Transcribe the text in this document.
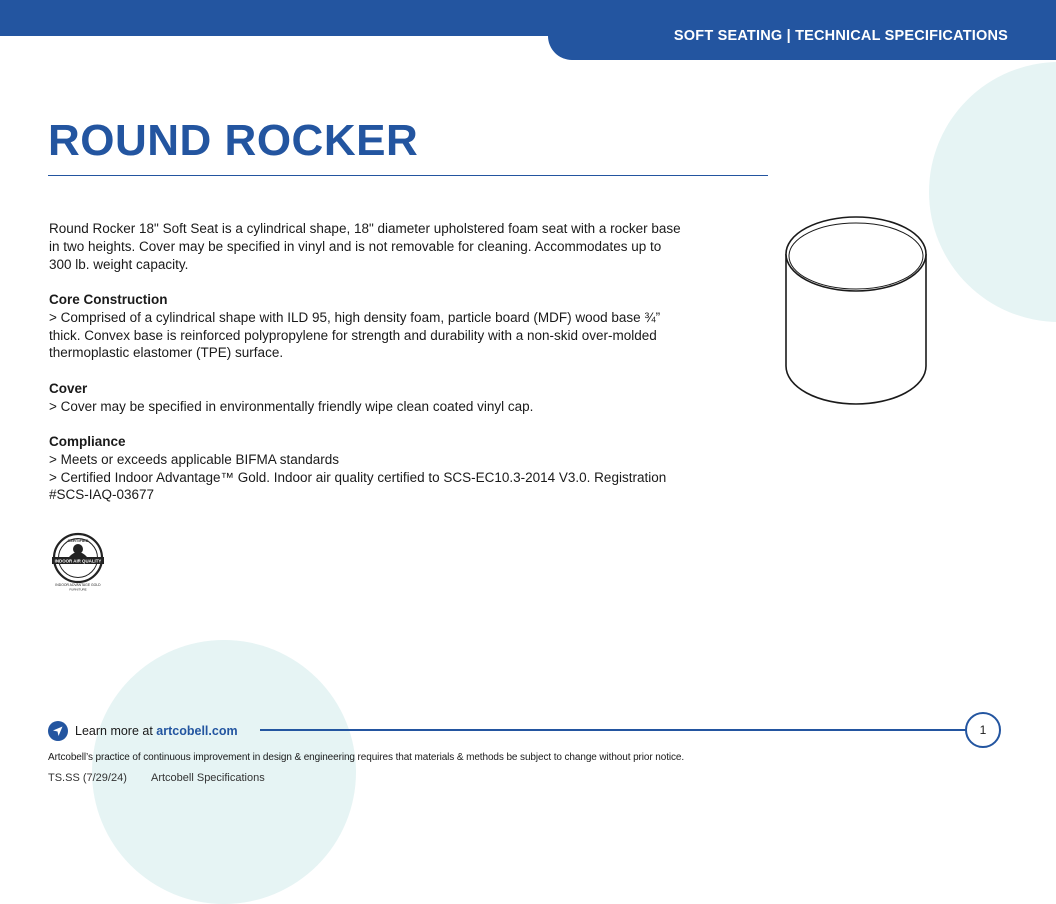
SOFT SEATING | TECHNICAL SPECIFICATIONS
ROUND ROCKER

Round Rocker 18" Soft Seat is a cylindrical shape, 18" diameter upholstered foam seat with a rocker base
in two heights. Cover may be specified in vinyl and is not removable for cleaning. Accommodates up to
300 lb. weight capacity.

Core Construction
> Comprised of a cylindrical shape with ILD 95, high density foam, particle board (MDF) wood base ¾”
thick. Convex base is reinforced polypropylene for strength and durability with a non-skid over-molded
thermoplastic elastomer (TPE) surface.

Cover
> Cover may be specified in environmentally friendly wipe clean coated vinyl cap.

Compliance
> Meets or exceeds applicable BIFMA standards
> Certified Indoor Advantage™ Gold. Indoor air quality certified to SCS-EC10.3-2014 V3.0. Registration
#SCS-IAQ-03677

CERTIFIED
INDOOR AIR QUALITY
INDOOR ADVANTAGE GOLD
FURNITURE
Learn more at artcobell.com	1
Artcobell’s practice of continuous improvement in design & engineering requires that materials & methods be subject to change without prior notice.
TS.SS (7/29/24) Artcobell Specifications
